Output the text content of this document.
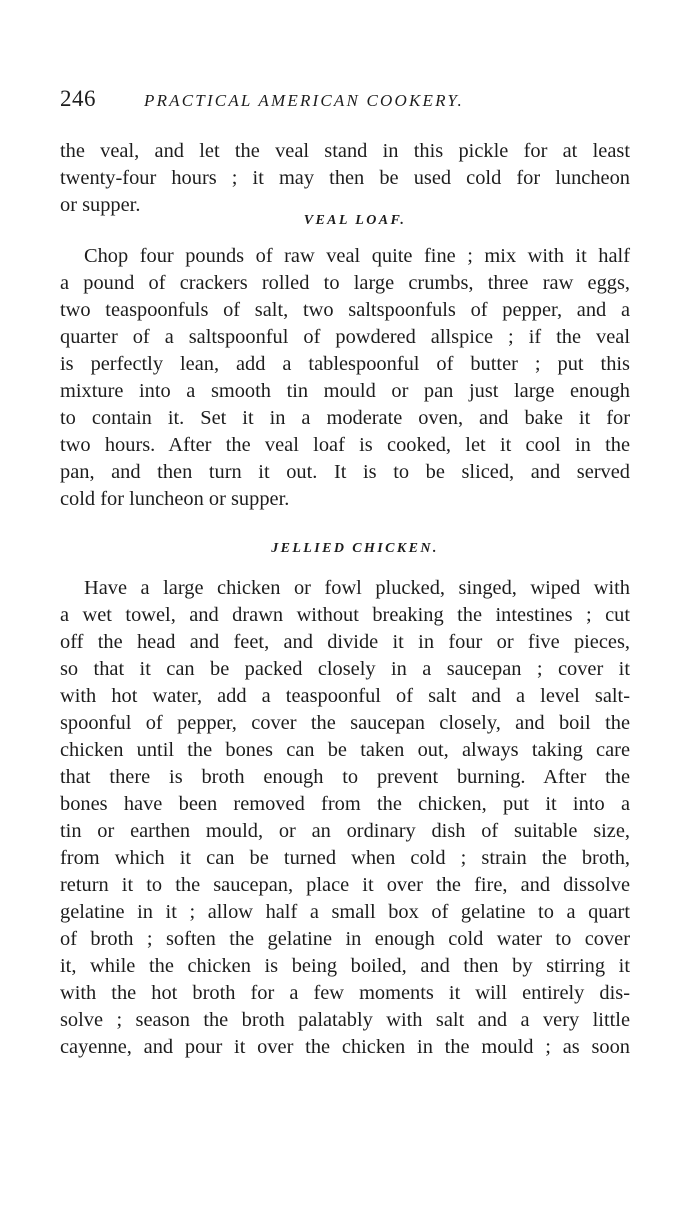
246	PRACTICAL AMERICAN COOKERY.

the veal, and let the veal stand in this pickle for at least
twenty-four hours ; it may then be used cold for luncheon
or supper.

VEAL LOAF.

Chop four pounds of raw veal quite fine ; mix with it half
a pound of crackers rolled to large crumbs, three raw eggs,
two teaspoonfuls of salt, two saltspoonfuls of pepper, and a
quarter of a saltspoonful of powdered allspice ; if the veal
is perfectly lean, add a tablespoonful of butter ; put this
mixture into a smooth tin mould or pan just large enough
to contain it. Set it in a moderate oven, and bake it for
two hours. After the veal loaf is cooked, let it cool in the
pan, and then turn it out. It is to be sliced, and served
cold for luncheon or supper.

JELLIED CHICKEN.

Have a large chicken or fowl plucked, singed, wiped with
a wet towel, and drawn without breaking the intestines ; cut
off the head and feet, and divide it in four or five pieces,
so that it can be packed closely in a saucepan ; cover it
with hot water, add a teaspoonful of salt and a level salt-
spoonful of pepper, cover the saucepan closely, and boil the
chicken until the bones can be taken out, always taking care
that there is broth enough to prevent burning. After the
bones have been removed from the chicken, put it into a
tin or earthen mould, or an ordinary dish of suitable size,
from which it can be turned when cold ; strain the broth,
return it to the saucepan, place it over the fire, and dissolve
gelatine in it ; allow half a small box of gelatine to a quart
of broth ; soften the gelatine in enough cold water to cover
it, while the chicken is being boiled, and then by stirring it
with the hot broth for a few moments it will entirely dis-
solve ; season the broth palatably with salt and a very little
cayenne, and pour it over the chicken in the mould ; as soon
